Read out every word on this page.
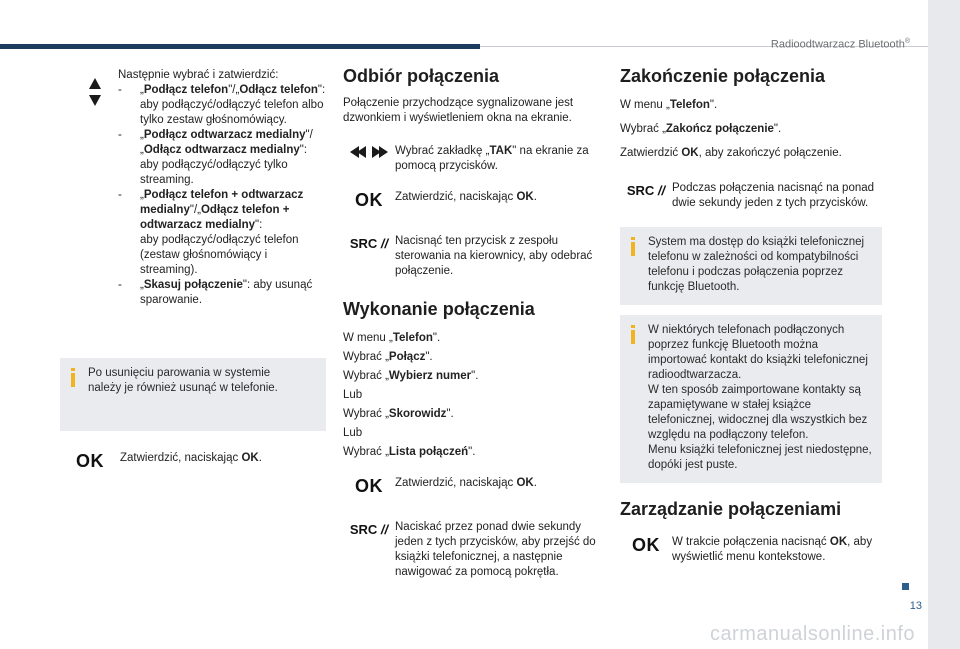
Radioodtwarzacz Bluetooth®
13

Następnie wybrać i zatwierdzić:

- „Podłącz telefon"/„Odłącz telefon":
aby podłączyć/odłączyć telefon albo tylko zestaw głośnomówiący.
- „Podłącz odtwarzacz medialny"/„Odłącz odtwarzacz medialny":
aby podłączyć/odłączyć tylko streaming.
- „Podłącz telefon + odtwarzacz medialny"/„Odłącz telefon + odtwarzacz medialny":
aby podłączyć/odłączyć telefon (zestaw głośnomówiący i streaming).
- „Skasuj połączenie": aby usunąć sparowanie.

Po usunięciu parowania w systemie należy je również usunąć w telefonie.

OK Zatwierdzić, naciskając OK.
Odbiór połączenia

Połączenie przychodzące sygnalizowane jest dzwonkiem i wyświetleniem okna na ekranie.

Wybrać zakładkę „TAK" na ekranie za pomocą przycisków.
OK Zatwierdzić, naciskając OK.
SRC // Nacisnąć ten przycisk z zespołu sterowania na kierownicy, aby odebrać połączenie.
Wykonanie połączenia

W menu „Telefon".

Wybrać „Połącz".

Wybrać „Wybierz numer".

Lub

Wybrać „Skorowidz".

Lub

Wybrać „Lista połączeń".

OK Zatwierdzić, naciskając OK.
SRC // Naciskać przez ponad dwie sekundy jeden z tych przycisków, aby przejść do książki telefonicznej, a następnie nawigować za pomocą pokrętła.
Zakończenie połączenia

W menu „Telefon".

Wybrać „Zakończ połączenie".

Zatwierdzić OK, aby zakończyć połączenie.

SRC // Podczas połączenia nacisnąć na ponad dwie sekundy jeden z tych przycisków.

System ma dostęp do książki telefonicznej telefonu w zależności od kompatybilności telefonu i podczas połączenia poprzez funkcję Bluetooth.

W niektórych telefonach podłączonych poprzez funkcję Bluetooth można importować kontakt do książki telefonicznej radioodtwarzacza.

W ten sposób zaimportowane kontakty są zapamiętywane w stałej książce telefonicznej, widocznej dla wszystkich bez względu na podłączony telefon.

Menu książki telefonicznej jest niedostępne, dopóki jest puste.

Zarządzanie połączeniami
OK W trakcie połączenia nacisnąć OK, aby wyświetlić menu kontekstowe.
carmanualsonline.info
